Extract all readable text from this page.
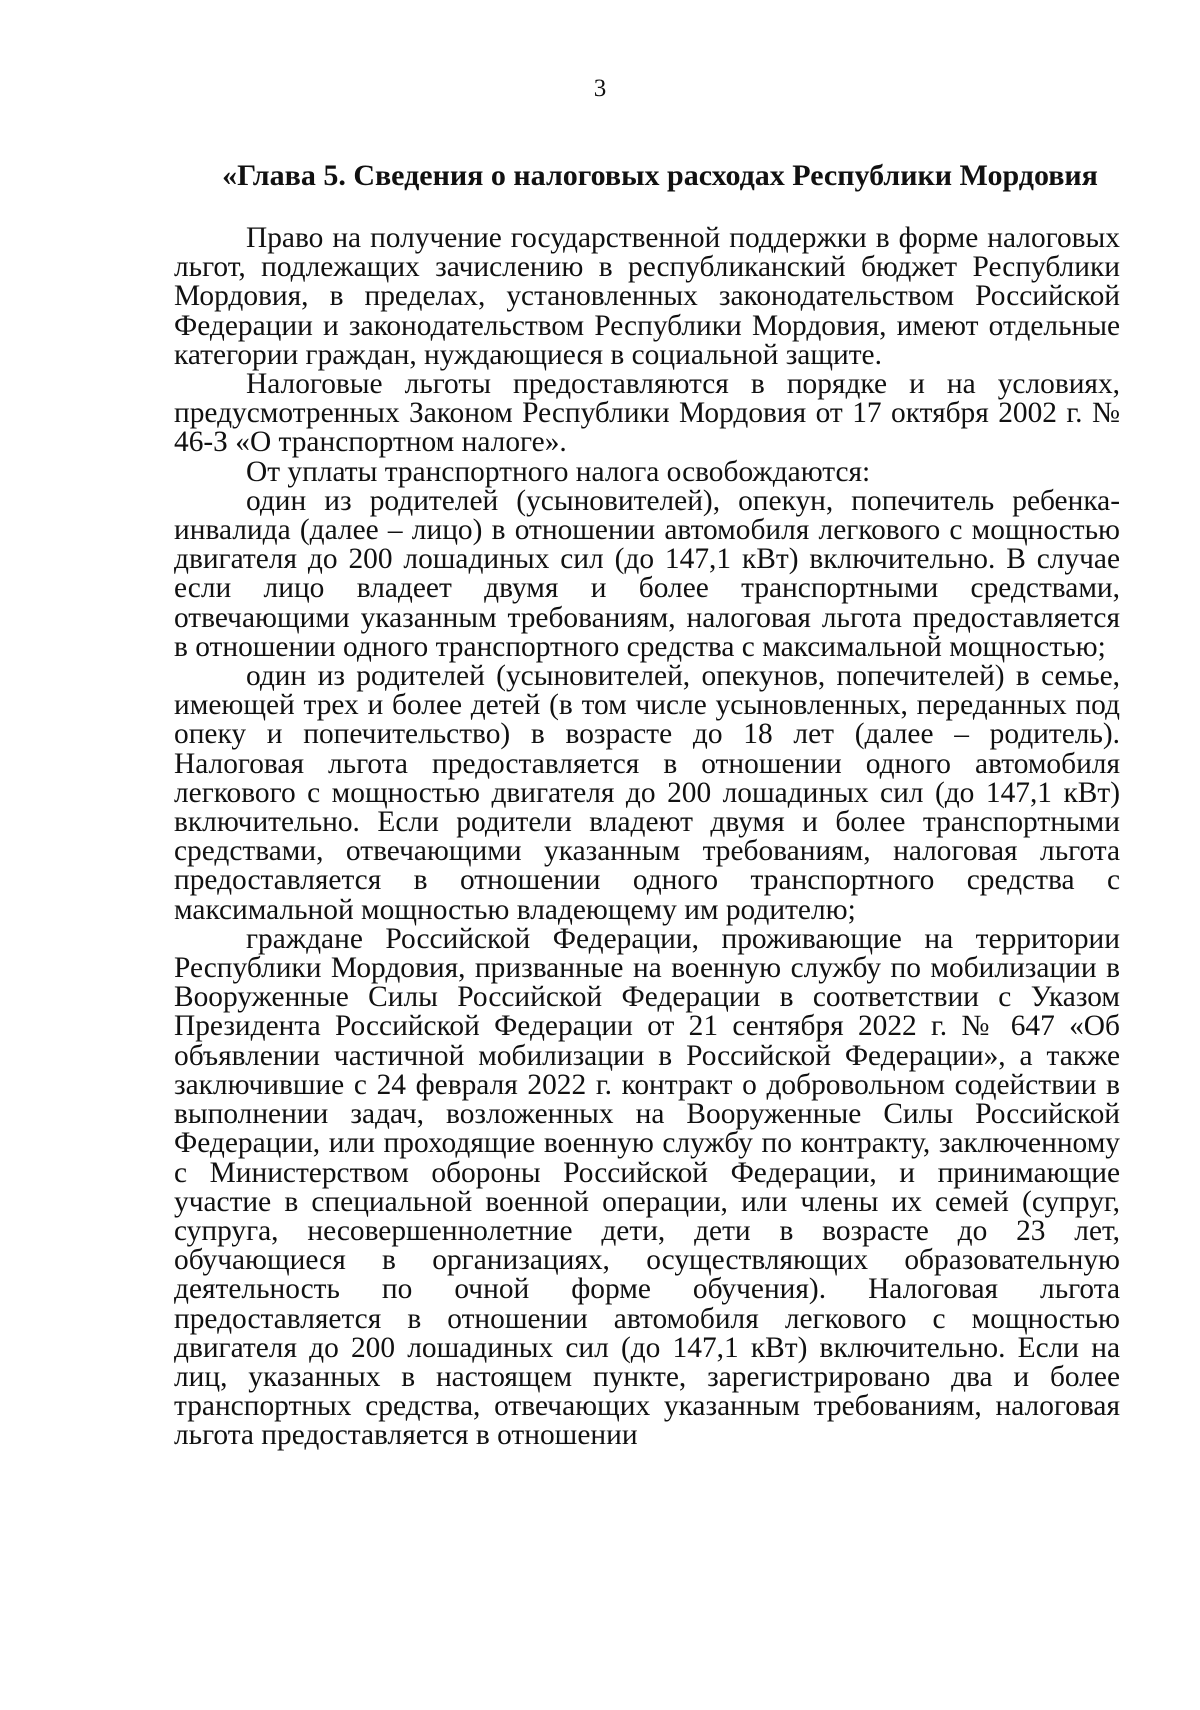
3
«Глава 5. Сведения о налоговых расходах Республики Мордовия

Право на получение государственной поддержки в форме налоговых льгот, подлежащих зачислению в республиканский бюджет Республики Мордовия, в пределах, установленных законодательством Российской Федерации и законодательством Республики Мордовия, имеют отдельные категории граждан, нуждающиеся в социальной защите.

Налоговые льготы предоставляются в порядке и на условиях, предусмотренных Законом Республики Мордовия от 17 октября 2002 г. № 46-З «О транспортном налоге».

От уплаты транспортного налога освобождаются:

один из родителей (усыновителей), опекун, попечитель ребенка-инвалида (далее – лицо) в отношении автомобиля легкового с мощностью двигателя до 200 лошадиных сил (до 147,1 кВт) включительно. В случае если лицо владеет двумя и более транспортными средствами, отвечающими указанным требованиям, налоговая льгота предоставляется в отношении одного транспортного средства с максимальной мощностью;

один из родителей (усыновителей, опекунов, попечителей) в семье, имеющей трех и более детей (в том числе усыновленных, переданных под опеку и попечительство) в возрасте до 18 лет (далее – родитель). Налоговая льгота предоставляется в отношении одного автомобиля легкового с мощностью двигателя до 200 лошадиных сил (до 147,1 кВт) включительно. Если родители владеют двумя и более транспортными средствами, отвечающими указанным требованиям, налоговая льгота предоставляется в отношении одного транспортного средства с максимальной мощностью владеющему им родителю;

граждане Российской Федерации, проживающие на территории Республики Мордовия, призванные на военную службу по мобилизации в Вооруженные Силы Российской Федерации в соответствии с Указом Президента Российской Федерации от 21 сентября 2022 г. № 647 «Об объявлении частичной мобилизации в Российской Федерации», а также заключившие с 24 февраля 2022 г. контракт о добровольном содействии в выполнении задач, возложенных на Вооруженные Силы Российской Федерации, или проходящие военную службу по контракту, заключенному с Министерством обороны Российской Федерации, и принимающие участие в специальной военной операции, или члены их семей (супруг, супруга, несовершеннолетние дети, дети в возрасте до 23 лет, обучающиеся в организациях, осуществляющих образовательную деятельность по очной форме обучения). Налоговая льгота предоставляется в отношении автомобиля легкового с мощностью двигателя до 200 лошадиных сил (до 147,1 кВт) включительно. Если на лиц, указанных в настоящем пункте, зарегистрировано два и более транспортных средства, отвечающих указанным требованиям, налоговая льгота предоставляется в отношении
